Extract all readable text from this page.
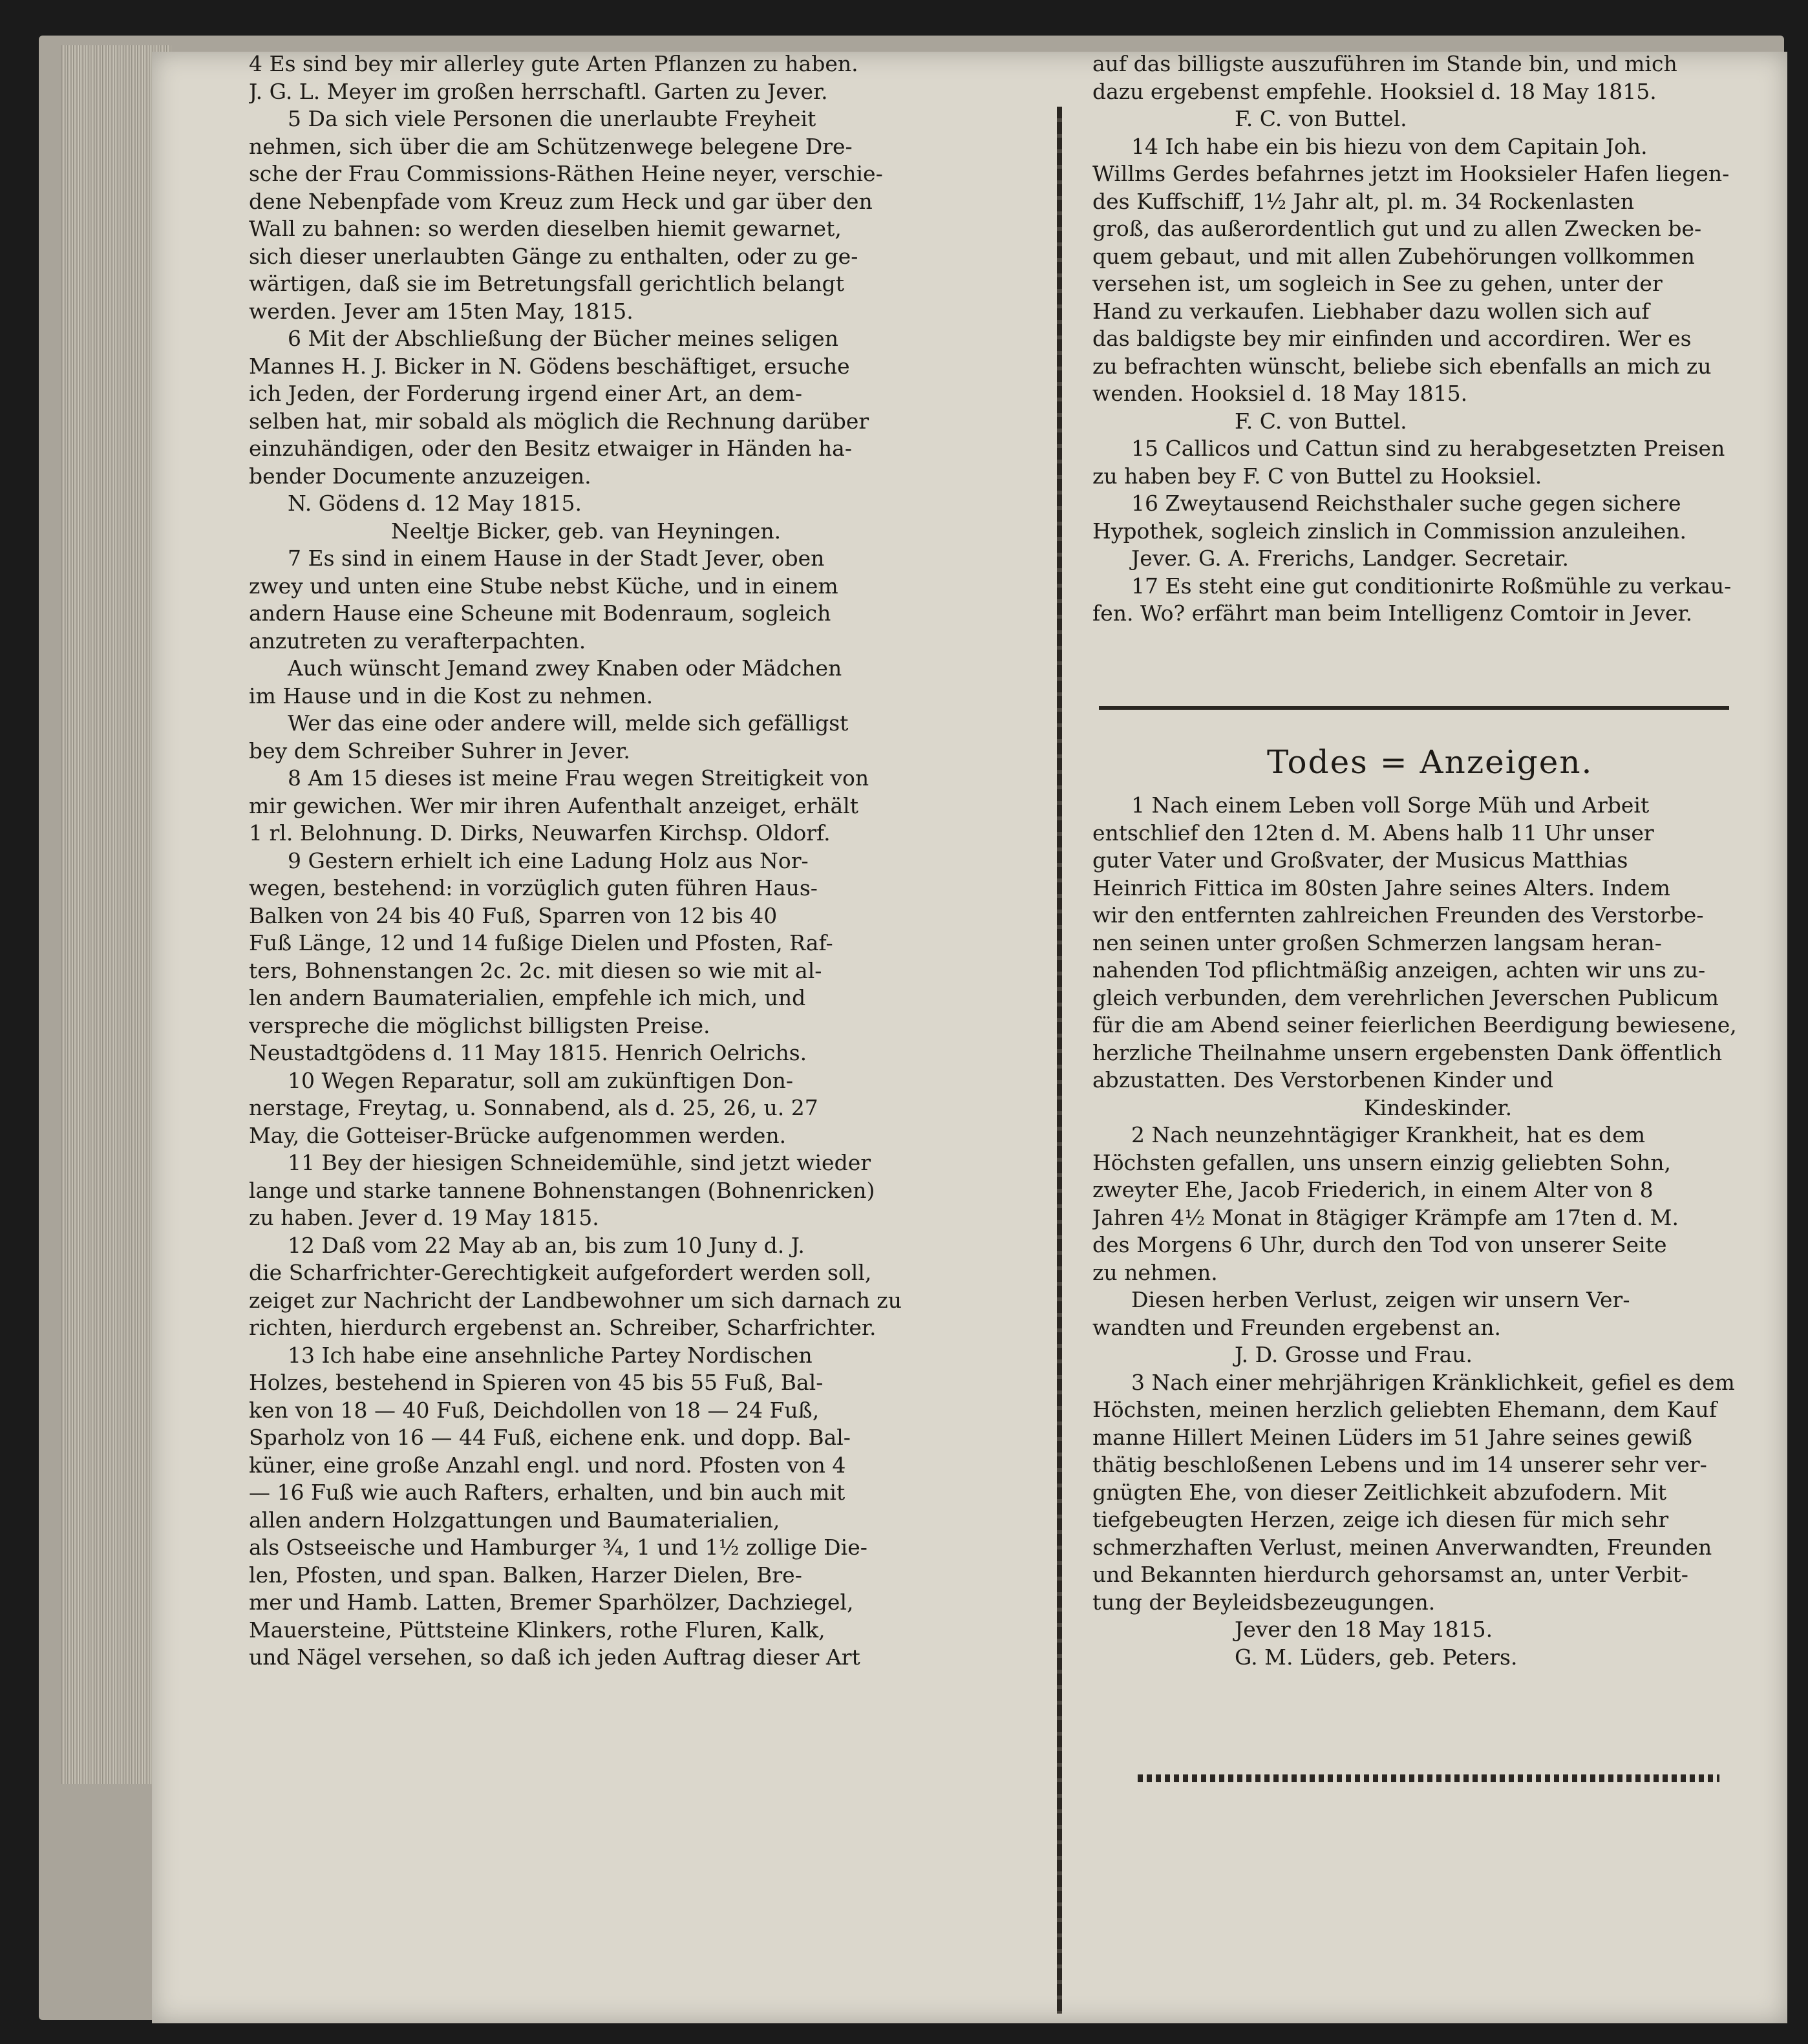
4 Es sind bey mir allerley gute Arten Pflanzen zu haben.
J. G. L. Meyer im großen herrschaftl. Garten zu Jever.
5 Da sich viele Personen die unerlaubte Freyheit
nehmen, sich über die am Schützenwege belegene Dre-
sche der Frau Commissions-Räthen Heine neyer, verschie-
dene Nebenpfade vom Kreuz zum Heck und gar über den
Wall zu bahnen: so werden dieselben hiemit gewarnet,
sich dieser unerlaubten Gänge zu enthalten, oder zu ge-
wärtigen, daß sie im Betretungsfall gerichtlich belangt
werden. Jever am 15ten May, 1815.
6 Mit der Abschließung der Bücher meines seligen
Mannes H. J. Bicker in N. Gödens beschäftiget, ersuche
ich Jeden, der Forderung irgend einer Art, an dem-
selben hat, mir sobald als möglich die Rechnung darüber
einzuhändigen, oder den Besitz etwaiger in Händen ha-
bender Documente anzuzeigen.
N. Gödens d. 12 May 1815.
Neeltje Bicker, geb. van Heyningen.
7 Es sind in einem Hause in der Stadt Jever, oben
zwey und unten eine Stube nebst Küche, und in einem
andern Hause eine Scheune mit Bodenraum, sogleich
anzutreten zu verafterpachten.
Auch wünscht Jemand zwey Knaben oder Mädchen
im Hause und in die Kost zu nehmen.
Wer das eine oder andere will, melde sich gefälligst
bey dem Schreiber Suhrer in Jever.
8 Am 15 dieses ist meine Frau wegen Streitigkeit von
mir gewichen. Wer mir ihren Aufenthalt anzeiget, erhält
1 rl. Belohnung. D. Dirks, Neuwarfen Kirchsp. Oldorf.
9 Gestern erhielt ich eine Ladung Holz aus Nor-
wegen, bestehend: in vorzüglich guten führen Haus-
Balken von 24 bis 40 Fuß, Sparren von 12 bis 40
Fuß Länge, 12 und 14 fußige Dielen und Pfosten, Raf-
ters, Bohnenstangen 2c. 2c. mit diesen so wie mit al-
len andern Baumaterialien, empfehle ich mich, und
verspreche die möglichst billigsten Preise.
Neustadtgödens d. 11 May 1815. Henrich Oelrichs.
10 Wegen Reparatur, soll am zukünftigen Don-
nerstage, Freytag, u. Sonnabend, als d. 25, 26, u. 27
May, die Gotteiser-Brücke aufgenommen werden.
11 Bey der hiesigen Schneidemühle, sind jetzt wieder
lange und starke tannene Bohnenstangen (Bohnenricken)
zu haben. Jever d. 19 May 1815.
12 Daß vom 22 May ab an, bis zum 10 Juny d. J.
die Scharfrichter-Gerechtigkeit aufgefordert werden soll,
zeiget zur Nachricht der Landbewohner um sich darnach zu
richten, hierdurch ergebenst an. Schreiber, Scharfrichter.
13 Ich habe eine ansehnliche Partey Nordischen
Holzes, bestehend in Spieren von 45 bis 55 Fuß, Bal-
ken von 18 — 40 Fuß, Deichdollen von 18 — 24 Fuß,
Sparholz von 16 — 44 Fuß, eichene enk. und dopp. Bal-
küner, eine große Anzahl engl. und nord. Pfosten von 4
— 16 Fuß wie auch Rafters, erhalten, und bin auch mit
allen andern Holzgattungen und Baumaterialien,
als Ostseeische und Hamburger ¾, 1 und 1½ zollige Die-
len, Pfosten, und span. Balken, Harzer Dielen, Bre-
mer und Hamb. Latten, Bremer Sparhölzer, Dachziegel,
Mauersteine, Püttsteine Klinkers, rothe Fluren, Kalk,
und Nägel versehen, so daß ich jeden Auftrag dieser Art
auf das billigste auszuführen im Stande bin, und mich
dazu ergebenst empfehle. Hooksiel d. 18 May 1815.
F. C. von Buttel.
14 Ich habe ein bis hiezu von dem Capitain Joh.
Willms Gerdes befahrnes jetzt im Hooksieler Hafen liegen-
des Kuffschiff, 1½ Jahr alt, pl. m. 34 Rockenlasten
groß, das außerordentlich gut und zu allen Zwecken be-
quem gebaut, und mit allen Zubehörungen vollkommen
versehen ist, um sogleich in See zu gehen, unter der
Hand zu verkaufen. Liebhaber dazu wollen sich auf
das baldigste bey mir einfinden und accordiren. Wer es
zu befrachten wünscht, beliebe sich ebenfalls an mich zu
wenden. Hooksiel d. 18 May 1815.
F. C. von Buttel.
15 Callicos und Cattun sind zu herabgesetzten Preisen
zu haben bey F. C von Buttel zu Hooksiel.
16 Zweytausend Reichsthaler suche gegen sichere
Hypothek, sogleich zinslich in Commission anzuleihen.
Jever. G. A. Frerichs, Landger. Secretair.
17 Es steht eine gut conditionirte Roßmühle zu verkau-
fen. Wo? erfährt man beim Intelligenz Comtoir in Jever.
Todes = Anzeigen.
1 Nach einem Leben voll Sorge Müh und Arbeit
entschlief den 12ten d. M. Abens halb 11 Uhr unser
guter Vater und Großvater, der Musicus Matthias
Heinrich Fittica im 80sten Jahre seines Alters. Indem
wir den entfernten zahlreichen Freunden des Verstorbe-
nen seinen unter großen Schmerzen langsam heran-
nahenden Tod pflichtmäßig anzeigen, achten wir uns zu-
gleich verbunden, dem verehrlichen Jeverschen Publicum
für die am Abend seiner feierlichen Beerdigung bewiesene,
herzliche Theilnahme unsern ergebensten Dank öffentlich
abzustatten. Des Verstorbenen Kinder und
Kindeskinder.
2 Nach neunzehntägiger Krankheit, hat es dem
Höchsten gefallen, uns unsern einzig geliebten Sohn,
zweyter Ehe, Jacob Friederich, in einem Alter von 8
Jahren 4½ Monat in 8tägiger Krämpfe am 17ten d. M.
des Morgens 6 Uhr, durch den Tod von unserer Seite
zu nehmen.
Diesen herben Verlust, zeigen wir unsern Ver-
wandten und Freunden ergebenst an.
J. D. Grosse und Frau.
3 Nach einer mehrjährigen Kränklichkeit, gefiel es dem
Höchsten, meinen herzlich geliebten Ehemann, dem Kauf
manne Hillert Meinen Lüders im 51 Jahre seines gewiß
thätig beschloßenen Lebens und im 14 unserer sehr ver-
gnügten Ehe, von dieser Zeitlichkeit abzufodern. Mit
tiefgebeugten Herzen, zeige ich diesen für mich sehr
schmerzhaften Verlust, meinen Anverwandten, Freunden
und Bekannten hierdurch gehorsamst an, unter Verbit-
tung der Beyleidsbezeugungen.
Jever den 18 May 1815.
G. M. Lüders, geb. Peters.
